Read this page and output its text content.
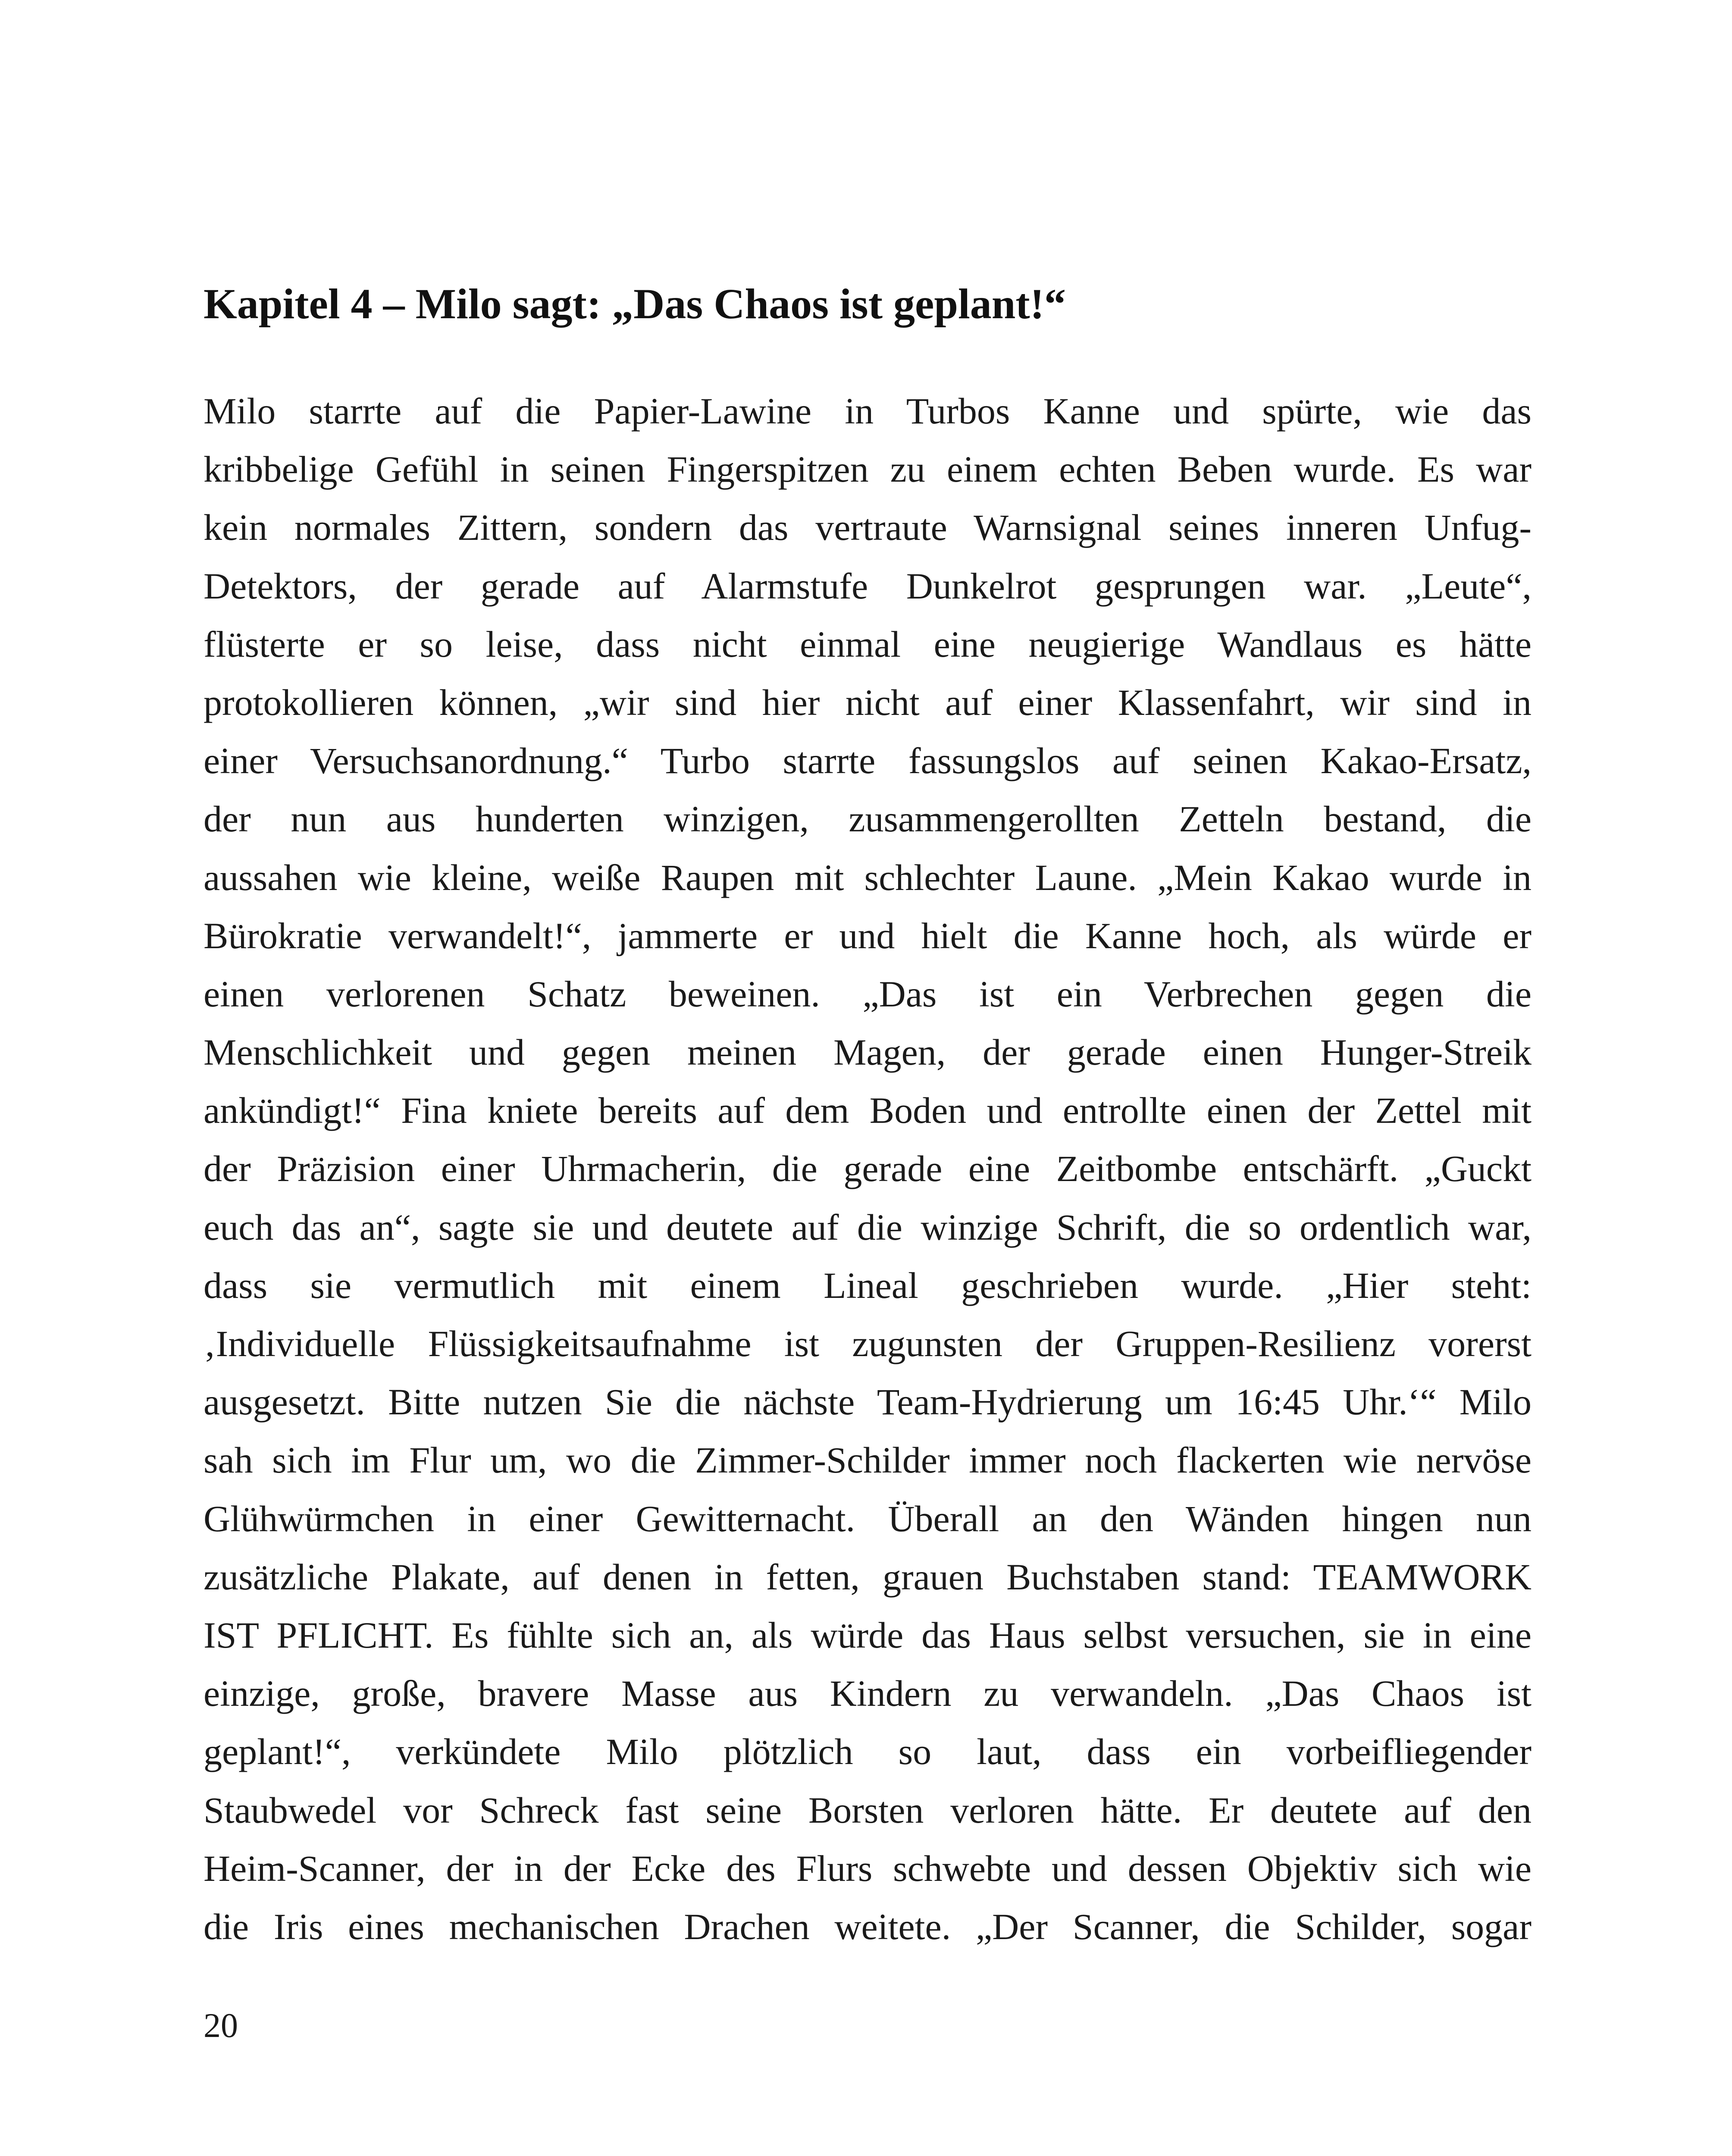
Kapitel 4 – Milo sagt: „Das Chaos ist geplant!“
Milo starrte auf die Papier-Lawine in Turbos Kanne und spürte, wie das
kribbelige Gefühl in seinen Fingerspitzen zu einem echten Beben wurde. Es war
kein normales Zittern, sondern das vertraute Warnsignal seines inneren Unfug-
Detektors, der gerade auf Alarmstufe Dunkelrot gesprungen war. „Leute“,
flüsterte er so leise, dass nicht einmal eine neugierige Wandlaus es hätte
protokollieren können, „wir sind hier nicht auf einer Klassenfahrt, wir sind in
einer Versuchsanordnung.“ Turbo starrte fassungslos auf seinen Kakao-Ersatz,
der nun aus hunderten winzigen, zusammengerollten Zetteln bestand, die
aussahen wie kleine, weiße Raupen mit schlechter Laune. „Mein Kakao wurde in
Bürokratie verwandelt!“, jammerte er und hielt die Kanne hoch, als würde er
einen verlorenen Schatz beweinen. „Das ist ein Verbrechen gegen die
Menschlichkeit und gegen meinen Magen, der gerade einen Hunger-Streik
ankündigt!“ Fina kniete bereits auf dem Boden und entrollte einen der Zettel mit
der Präzision einer Uhrmacherin, die gerade eine Zeitbombe entschärft. „Guckt
euch das an“, sagte sie und deutete auf die winzige Schrift, die so ordentlich war,
dass sie vermutlich mit einem Lineal geschrieben wurde. „Hier steht:
‚Individuelle Flüssigkeitsaufnahme ist zugunsten der Gruppen-Resilienz vorerst
ausgesetzt. Bitte nutzen Sie die nächste Team-Hydrierung um 16:45 Uhr.‘“ Milo
sah sich im Flur um, wo die Zimmer-Schilder immer noch flackerten wie nervöse
Glühwürmchen in einer Gewitternacht. Überall an den Wänden hingen nun
zusätzliche Plakate, auf denen in fetten, grauen Buchstaben stand: TEAMWORK
IST PFLICHT. Es fühlte sich an, als würde das Haus selbst versuchen, sie in eine
einzige, große, bravere Masse aus Kindern zu verwandeln. „Das Chaos ist
geplant!“, verkündete Milo plötzlich so laut, dass ein vorbeifliegender
Staubwedel vor Schreck fast seine Borsten verloren hätte. Er deutete auf den
Heim-Scanner, der in der Ecke des Flurs schwebte und dessen Objektiv sich wie
die Iris eines mechanischen Drachen weitete. „Der Scanner, die Schilder, sogar

20
